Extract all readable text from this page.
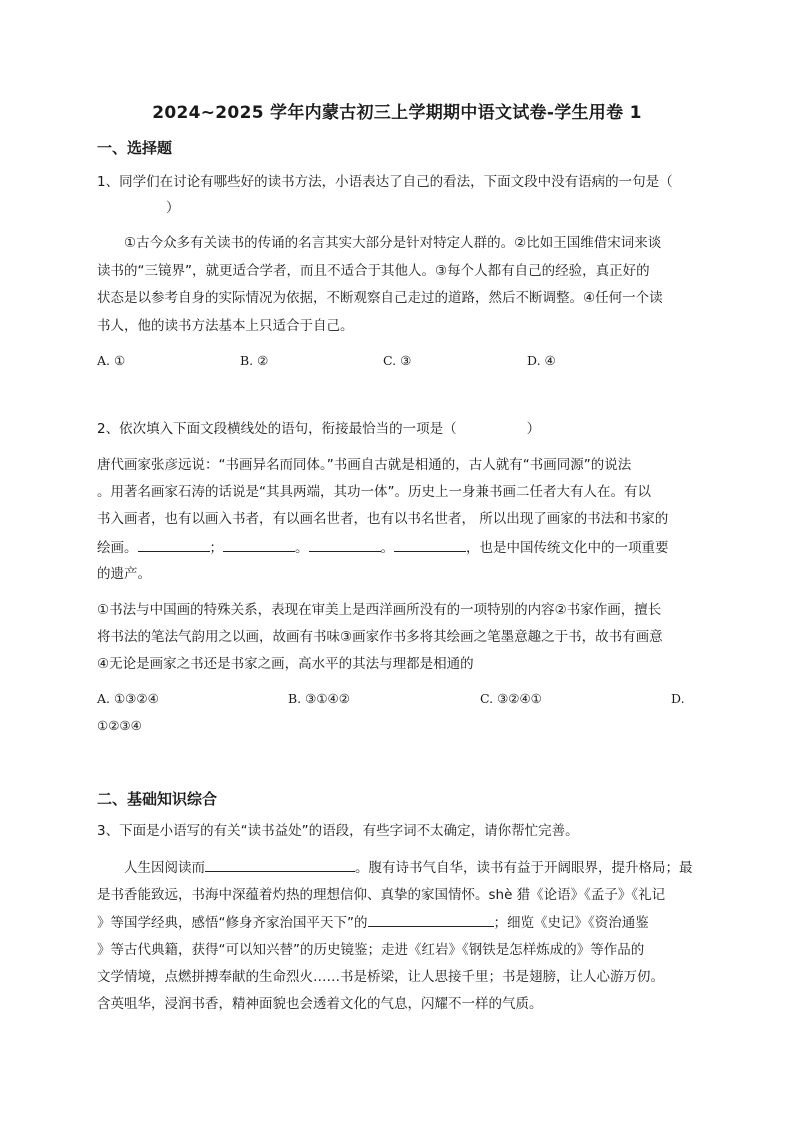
2024~2025 学年内蒙古初三上学期期中语文试卷-学生用卷 1
一、选择题
1、同学们在讨论有哪些好的读书方法，小语表达了自己的看法，下面文段中没有语病的一句是（
）
①古今众多有关读书的传诵的名言其实大部分是针对特定人群的。②比如王国维借宋词来谈
读书的“三镜界”，就更适合学者，而且不适合于其他人。③每个人都有自己的经验，真正好的
状态是以参考自身的实际情况为依据，不断观察自己走过的道路，然后不断调整。④任何一个读
书人，他的读书方法基本上只适合于自己。
A. ①	B. ②	C. ③	D. ④
2、依次填入下面文段横线处的语句，衔接最恰当的一项是（	）
唐代画家张彦远说：“书画异名而同体。”书画自古就是相通的，古人就有“书画同源”的说法
。用著名画家石涛的话说是“其具两端，其功一体”。历史上一身兼书画二任者大有人在。有以
书入画者，也有以画入书者，有以画名世者，也有以书名世者， 所以出现了画家的书法和书家的
绘画。	；	。	。	，也是中国传统文化中的一项重要
的遗产。
①书法与中国画的特殊关系，表现在审美上是西洋画所没有的一项特别的内容②书家作画，擅长
将书法的笔法气韵用之以画，故画有书味③画家作书多将其绘画之笔墨意趣之于书，故书有画意
④无论是画家之书还是书家之画，高水平的其法与理都是相通的
A. ①③②④	B. ③①④②	C. ③②④①	D.
①②③④
二、基础知识综合
3、下面是小语写的有关“读书益处”的语段，有些字词不太确定，请你帮忙完善。
人生因阅读而	。腹有诗书气自华，读书有益于开阔眼界，提升格局；最
是书香能致远，书海中深蕴着灼热的理想信仰、真挚的家国情怀。shè 猎《论语》《孟子》《礼记
》等国学经典，感悟“修身齐家治国平天下”的	；细览《史记》《资治通鉴
》等古代典籍，获得“可以知兴替”的历史镜鉴；走进《红岩》《钢铁是怎样炼成的》等作品的
文学情境，点燃拼搏奉献的生命烈火……书是桥梁，让人思接千里；书是翅膀，让人心游万仞。
含英咀华，浸润书香，精神面貌也会透着文化的气息，闪耀不一样的气质。
